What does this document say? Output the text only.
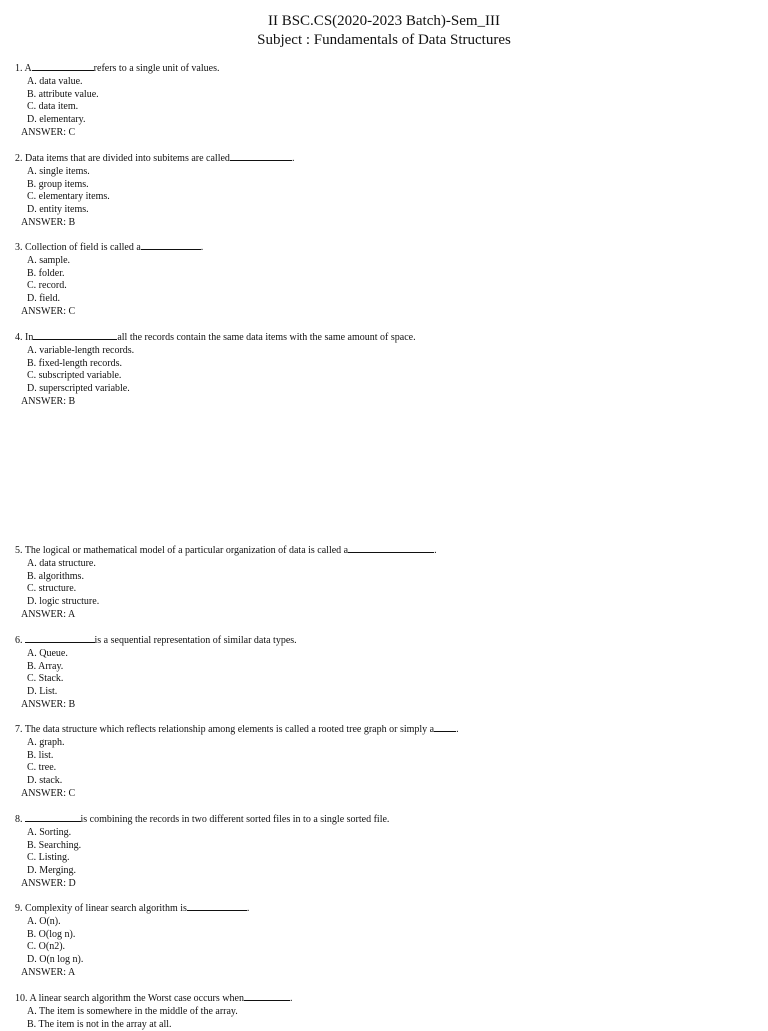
II BSC.CS(2020-2023 Batch)-Sem_III
Subject : Fundamentals of Data Structures
1. A	refers to a single unit of values.
A. data value.
B. attribute value.
C. data item.
D. elementary.
ANSWER: C
2. Data items that are divided into subitems are called	.
A. single items.
B. group items.
C. elementary items.
D. entity items.
ANSWER: B
3. Collection of field is called a	.
A. sample.
B. folder.
C. record.
D. field.
ANSWER: C
4. In	all the records contain the same data items with the same amount of space.
A. variable-length records.
B. fixed-length records.
C. subscripted variable.
D. superscripted variable.
ANSWER: B
5. The logical or mathematical model of a particular organization of data is called a	.
A. data structure.
B. algorithms.
C. structure.
D. logic structure.
ANSWER: A
6.	is a sequential representation of similar data types.
A. Queue.
B. Array.
C. Stack.
D. List.
ANSWER: B
7. The data structure which reflects relationship among elements is called a rooted tree graph or simply a .
A. graph.
B. list.
C. tree.
D. stack.
ANSWER: C
8.	is combining the records in two different sorted files in to a single sorted file.
A. Sorting.
B. Searching.
C. Listing.
D. Merging.
ANSWER: D
9. Complexity of linear search algorithm is	.
A. O(n).
B. O(log n).
C. O(n2).
D. O(n log n).
ANSWER: A
10. A linear search algorithm the Worst case occurs when	.
A. The item is somewhere in the middle of the array.
B. The item is not in the array at all.
